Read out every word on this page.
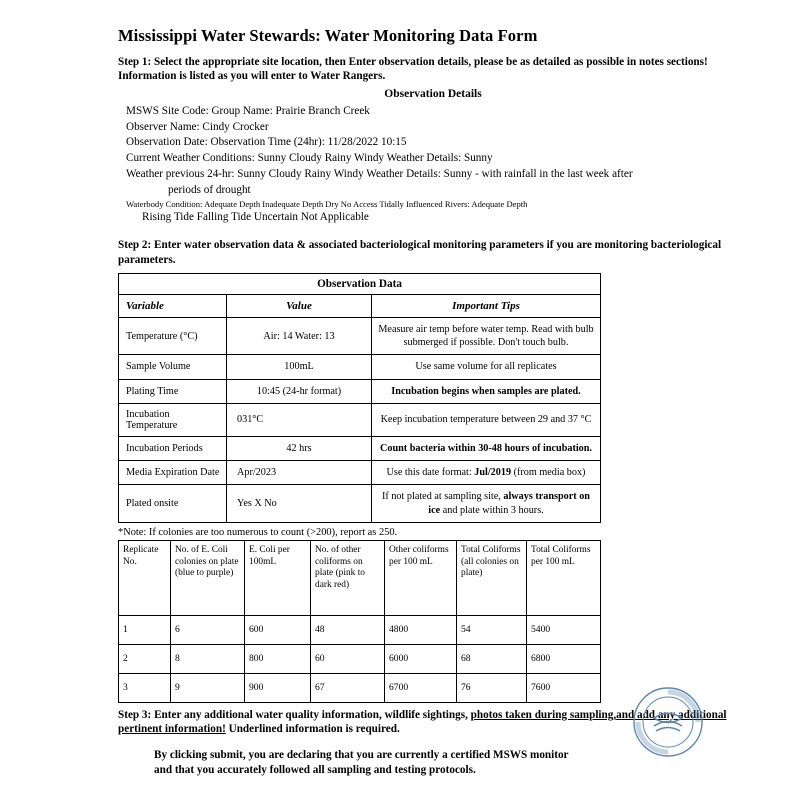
Mississippi Water Stewards: Water Monitoring Data Form

Step 1: Select the appropriate site location, then Enter observation details, please be as detailed as possible in notes sections! Information is listed as you will enter to Water Rangers.

Observation Details
MSWS Site Code: Group Name: Prairie Branch Creek
Observer Name: Cindy Crocker
Observation Date: Observation Time (24hr): 11/28/2022 10:15
Current Weather Conditions: Sunny Cloudy Rainy Windy Weather Details: Sunny
Weather previous 24-hr: Sunny Cloudy Rainy Windy Weather Details: Sunny - with rainfall in the last week after
periods of drought
Waterbody Condition: Adequate Depth Inadequate Depth Dry No Access Tidally Influenced Rivers: Adequate Depth
Rising Tide Falling Tide Uncertain Not Applicable

Step 2: Enter water observation data & associated bacteriological monitoring parameters if you are monitoring bacteriological parameters.

Observation Data		
Variable	Value	Important Tips
Temperature (°C)	Air: 14 Water: 13	Measure air temp before water temp. Read with bulb submerged if possible. Don't touch bulb.
Sample Volume	100mL	Use same volume for all replicates
Plating Time	10:45 (24-hr format)	Incubation begins when samples are plated.
Incubation Temperature	031°C	Keep incubation temperature between 29 and 37 °C
Incubation Periods	42 hrs	Count bacteria within 30-48 hours of incubation.
Media Expiration Date	Apr/2023	Use this date format: Jul/2019 (from media box)
Plated onsite	Yes X No	If not plated at sampling site, always transport on ice and plate within 3 hours.
*Note: If colonies are too numerous to count (>200), report as 250.
Replicate No.	No. of E. Coli colonies on plate (blue to purple)	E. Coli per 100mL	No. of other coliforms on plate (pink to dark red)	Other coliforms per 100 mL	Total Coliforms (all colonies on plate)	Total Coliforms per 100 mL
1	6	600	48	4800	54	5400
2	8	800	60	6000	68	6800
3	9	900	67	6700	76	7600

Step 3: Enter any additional water quality information, wildlife sightings, photos taken during sampling,and add any additional pertinent information! Underlined information is required.

By clicking submit, you are declaring that you are currently a certified MSWS monitor and that you accurately followed all sampling and testing protocols.
